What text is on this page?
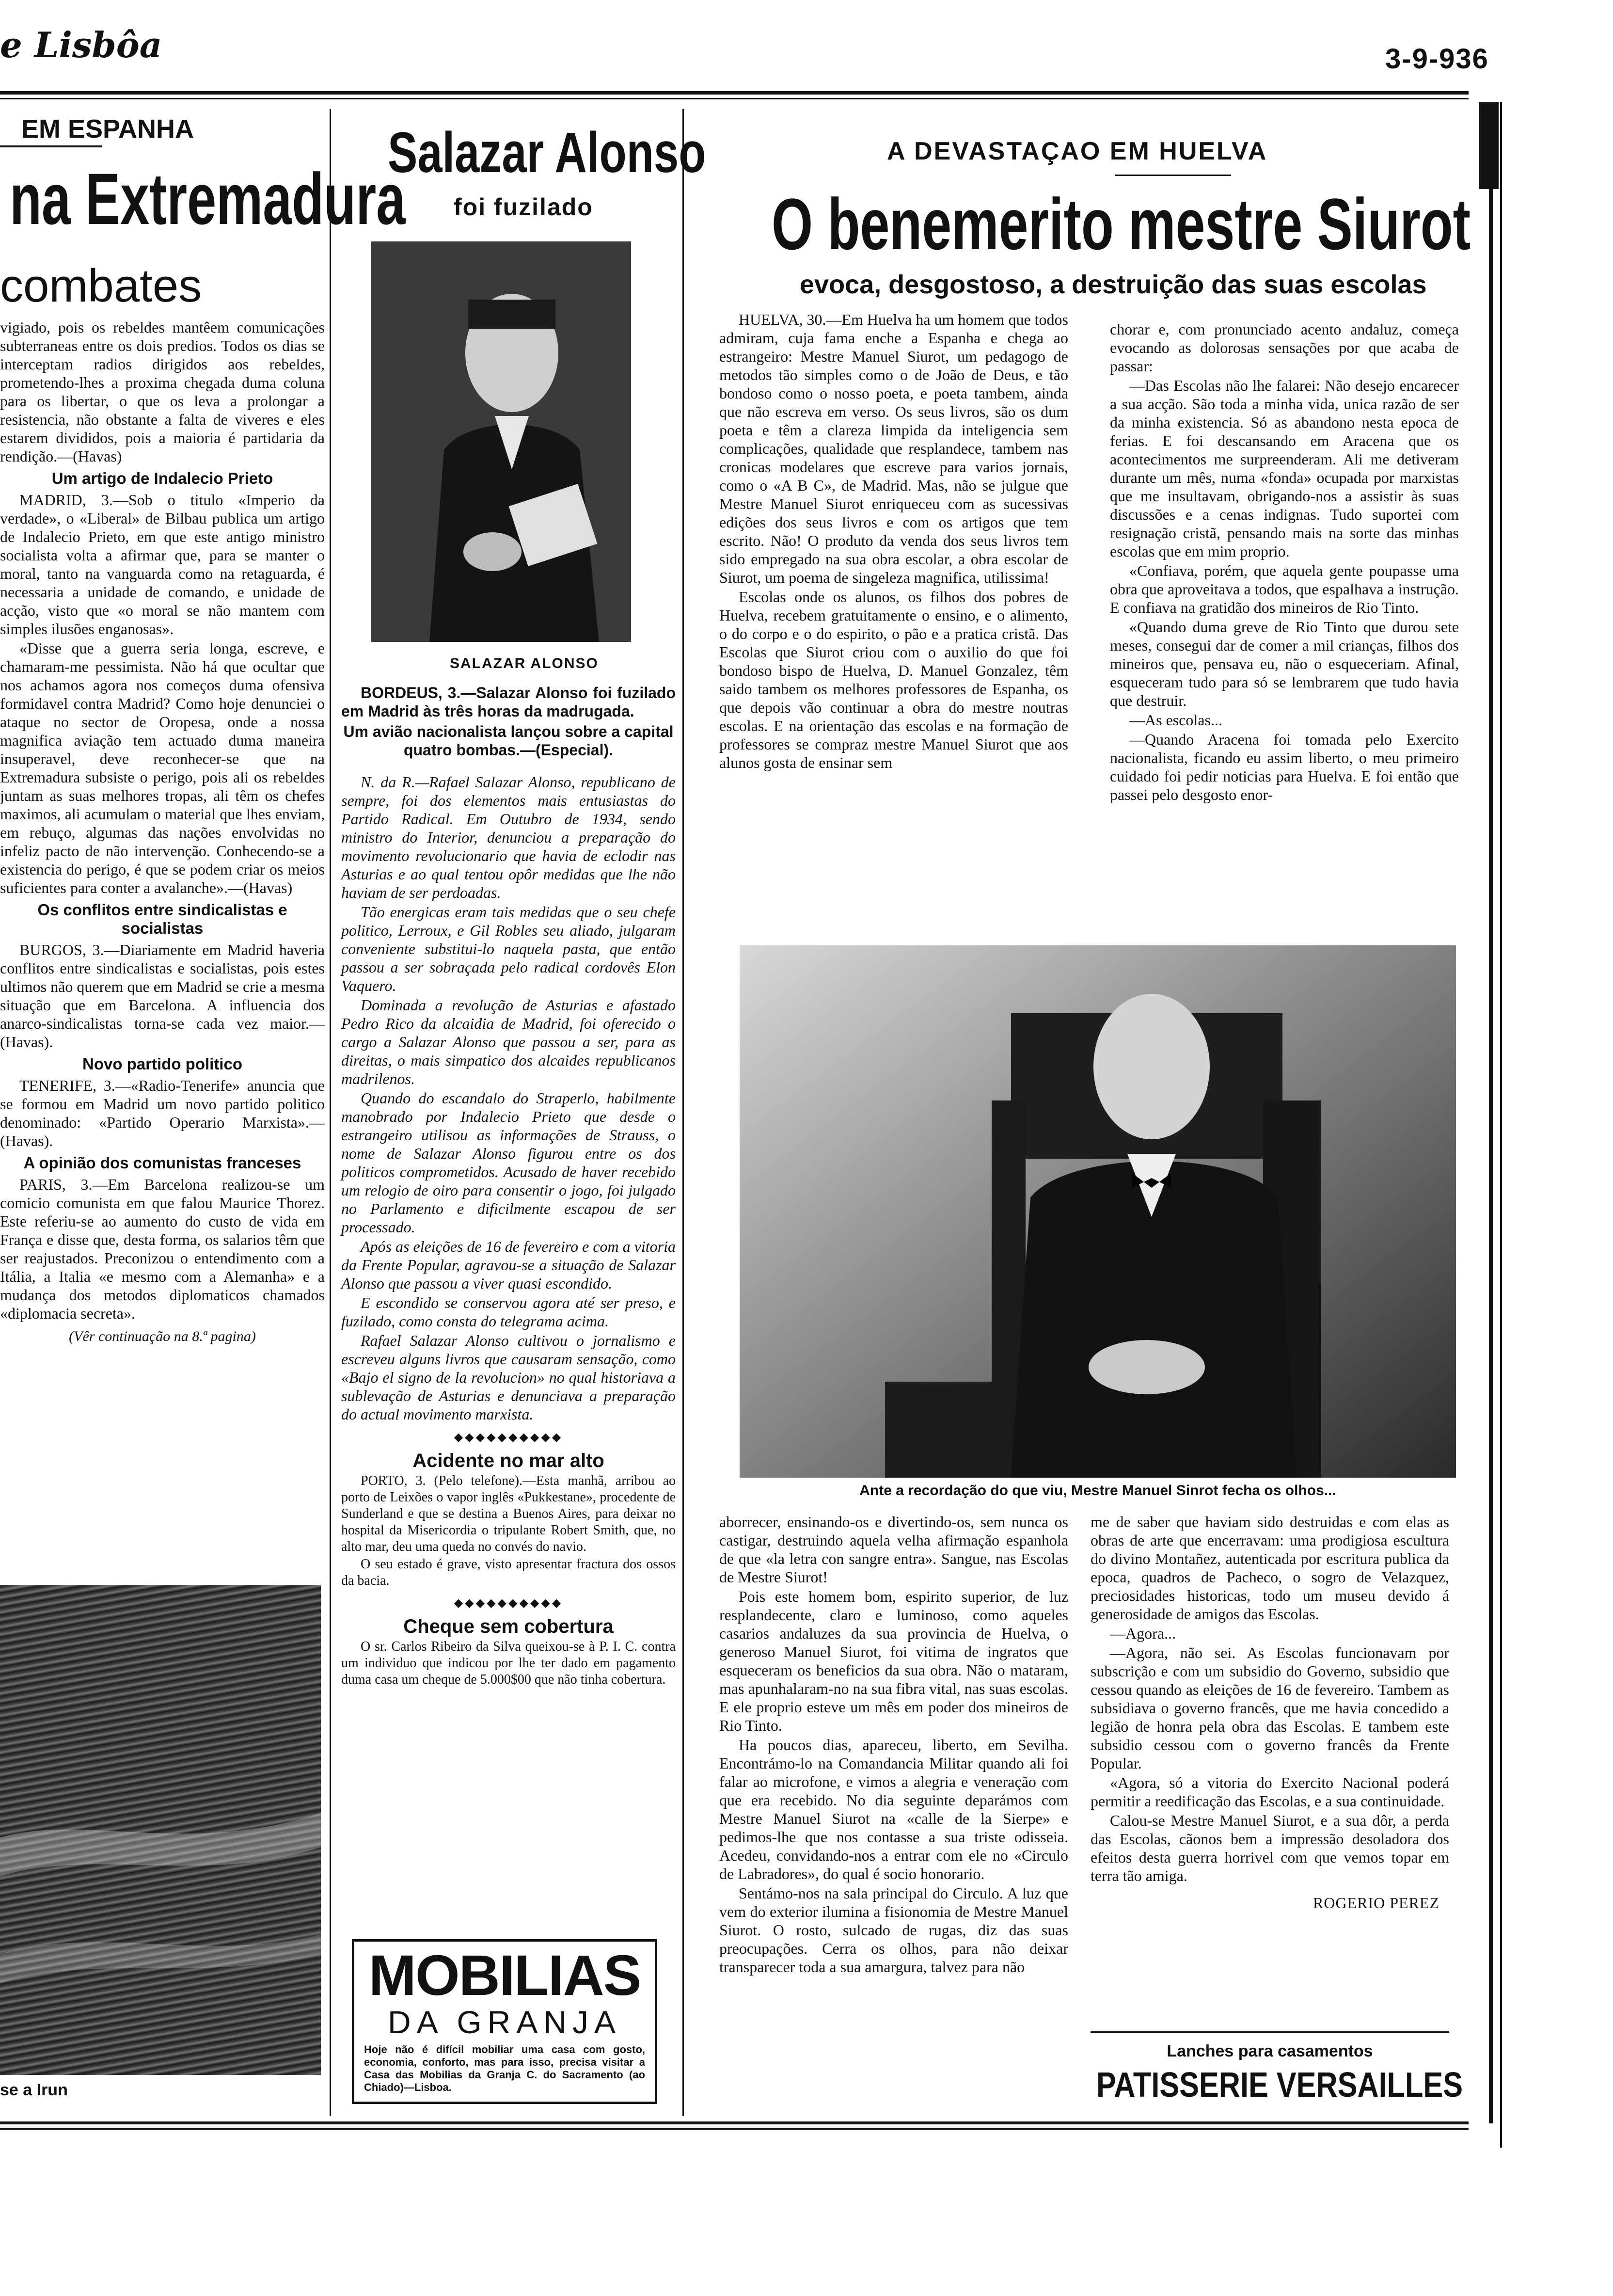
e Lisbôa	3-9-936
EM ESPANHA
na Extremadura
combates

vigiado, pois os rebeldes mantêem comunicações subterraneas entre os dois predios. Todos os dias se interceptam radios dirigidos aos rebeldes, prometendo-lhes a proxima chegada duma coluna para os libertar, o que os leva a prolongar a resistencia, não obstante a falta de viveres e eles estarem divididos, pois a maioria é partidaria da rendição.—(Havas)

Um artigo de Indalecio Prieto

MADRID, 3.—Sob o titulo «Imperio da verdade», o «Liberal» de Bilbau publica um artigo de Indalecio Prieto, em que este antigo ministro socialista volta a afirmar que, para se manter o moral, tanto na vanguarda como na retaguarda, é necessaria a unidade de comando, e unidade de acção, visto que «o moral se não mantem com simples ilusões enganosas».

«Disse que a guerra seria longa, escreve, e chamaram-me pessimista. Não há que ocultar que nos achamos agora nos começos duma ofensiva formidavel contra Madrid? Como hoje denunciei o ataque no sector de Oropesa, onde a nossa magnifica aviação tem actuado duma maneira insuperavel, deve reconhecer-se que na Extremadura subsiste o perigo, pois ali os rebeldes juntam as suas melhores tropas, ali têm os chefes maximos, ali acumulam o material que lhes enviam, em rebuço, algumas das nações envolvidas no infeliz pacto de não intervenção. Conhecendo-se a existencia do perigo, é que se podem criar os meios suficientes para conter a avalanche».—(Havas)

Os conflitos entre sindicalistas e socialistas

BURGOS, 3.—Diariamente em Madrid haveria conflitos entre sindicalistas e socialistas, pois estes ultimos não querem que em Madrid se crie a mesma situação que em Barcelona. A influencia dos anarco-sindicalistas torna-se cada vez maior.—(Havas).

Novo partido politico

TENERIFE, 3.—«Radio-Tenerife» anuncia que se formou em Madrid um novo partido politico denominado: «Partido Operario Marxista».—(Havas).

A opinião dos comunistas franceses

PARIS, 3.—Em Barcelona realizou-se um comicio comunista em que falou Maurice Thorez. Este referiu-se ao aumento do custo de vida em França e disse que, desta forma, os salarios têm que ser reajustados. Preconizou o entendimento com a Itália, a Italia «e mesmo com a Alemanha» e a mudança dos metodos diplomaticos chamados «diplomacia secreta».

(Vêr continuação na 8.ª pagina)
se a Irun
Salazar Alonso
foi fuzilado
SALAZAR ALONSO

BORDEUS, 3.—Salazar Alonso foi fuzilado em Madrid às três horas da madrugada.

Um avião nacionalista lançou sobre a capital quatro bombas.—(Especial).

N. da R.—Rafael Salazar Alonso, republicano de sempre, foi dos elementos mais entusiastas do Partido Radical. Em Outubro de 1934, sendo ministro do Interior, denunciou a preparação do movimento revolucionario que havia de eclodir nas Asturias e ao qual tentou opôr medidas que lhe não haviam de ser perdoadas.

Tão energicas eram tais medidas que o seu chefe politico, Lerroux, e Gil Robles seu aliado, julgaram conveniente substitui-lo naquela pasta, que então passou a ser sobraçada pelo radical cordovês Elon Vaquero.

Dominada a revolução de Asturias e afastado Pedro Rico da alcaidia de Madrid, foi oferecido o cargo a Salazar Alonso que passou a ser, para as direitas, o mais simpatico dos alcaides republicanos madrilenos.

Quando do escandalo do Straperlo, habilmente manobrado por Indalecio Prieto que desde o estrangeiro utilisou as informações de Strauss, o nome de Salazar Alonso figurou entre os dos politicos comprometidos. Acusado de haver recebido um relogio de oiro para consentir o jogo, foi julgado no Parlamento e dificilmente escapou de ser processado.

Após as eleições de 16 de fevereiro e com a vitoria da Frente Popular, agravou-se a situação de Salazar Alonso que passou a viver quasi escondido.

E escondido se conservou agora até ser preso, e fuzilado, como consta do telegrama acima.

Rafael Salazar Alonso cultivou o jornalismo e escreveu alguns livros que causaram sensação, como «Bajo el signo de la revolucion» no qual historiava a sublevação de Asturias e denunciava a preparação do actual movimento marxista.

◆◆◆◆◆◆◆◆◆◆
Acidente no mar alto

PORTO, 3. (Pelo telefone).—Esta manhã, arribou ao porto de Leixões o vapor inglês «Pukkestane», procedente de Sunderland e que se destina a Buenos Aires, para deixar no hospital da Misericordia o tripulante Robert Smith, que, no alto mar, deu uma queda no convés do navio.

O seu estado é grave, visto apresentar fractura dos ossos da bacia.

◆◆◆◆◆◆◆◆◆◆
Cheque sem cobertura

O sr. Carlos Ribeiro da Silva queixou-se à P. I. C. contra um individuo que indicou por lhe ter dado em pagamento duma casa um cheque de 5.000$00 que não tinha cobertura.

MOBILIAS
DA GRANJA
Hoje não é difícil mobiliar uma casa com gosto, economia, conforto, mas para isso, precisa visitar a Casa das Mobilias da Granja C. do Sacramento (ao Chiado)—Lisboa.
A DEVASTAÇAO EM HUELVA
O benemerito mestre Siurot
evoca, desgostoso, a destruição das suas escolas

HUELVA, 30.—Em Huelva ha um homem que todos admiram, cuja fama enche a Espanha e chega ao estrangeiro: Mestre Manuel Siurot, um pedagogo de metodos tão simples como o de João de Deus, e tão bondoso como o nosso poeta, e poeta tambem, ainda que não escreva em verso. Os seus livros, são os dum poeta e têm a clareza limpida da inteligencia sem complicações, qualidade que resplandece, tambem nas cronicas modelares que escreve para varios jornais, como o «A B C», de Madrid. Mas, não se julgue que Mestre Manuel Siurot enriqueceu com as sucessivas edições dos seus livros e com os artigos que tem escrito. Não! O produto da venda dos seus livros tem sido empregado na sua obra escolar, a obra escolar de Siurot, um poema de singeleza magnifica, utilissima!

Escolas onde os alunos, os filhos dos pobres de Huelva, recebem gratuitamente o ensino, e o alimento, o do corpo e o do espirito, o pão e a pratica cristã. Das Escolas que Siurot criou com o auxilio do que foi bondoso bispo de Huelva, D. Manuel Gonzalez, têm saido tambem os melhores professores de Espanha, os que depois vão continuar a obra do mestre noutras escolas. E na orientação das escolas e na formação de professores se compraz mestre Manuel Siurot que aos alunos gosta de ensinar sem

chorar e, com pronunciado acento andaluz, começa evocando as dolorosas sensações por que acaba de passar:

—Das Escolas não lhe falarei: Não desejo encarecer a sua acção. São toda a minha vida, unica razão de ser da minha existencia. Só as abandono nesta epoca de ferias. E foi descansando em Aracena que os acontecimentos me surpreenderam. Ali me detiveram durante um mês, numa «fonda» ocupada por marxistas que me insultavam, obrigando-nos a assistir às suas discussões e a cenas indignas. Tudo suportei com resignação cristã, pensando mais na sorte das minhas escolas que em mim proprio.

«Confiava, porém, que aquela gente poupasse uma obra que aproveitava a todos, que espalhava a instrução. E confiava na gratidão dos mineiros de Rio Tinto.

«Quando duma greve de Rio Tinto que durou sete meses, consegui dar de comer a mil crianças, filhos dos mineiros que, pensava eu, não o esqueceriam. Afinal, esqueceram tudo para só se lembrarem que tudo havia que destruir.

—As escolas...

—Quando Aracena foi tomada pelo Exercito nacionalista, ficando eu assim liberto, o meu primeiro cuidado foi pedir noticias para Huelva. E foi então que passei pelo desgosto enor-

Ante a recordação do que viu, Mestre Manuel Sinrot fecha os olhos...

aborrecer, ensinando-os e divertindo-os, sem nunca os castigar, destruindo aquela velha afirmação espanhola de que «la letra con sangre entra». Sangue, nas Escolas de Mestre Siurot!

Pois este homem bom, espirito superior, de luz resplandecente, claro e luminoso, como aqueles casarios andaluzes da sua provincia de Huelva, o generoso Manuel Siurot, foi vitima de ingratos que esqueceram os beneficios da sua obra. Não o mataram, mas apunhalaram-no na sua fibra vital, nas suas escolas. E ele proprio esteve um mês em poder dos mineiros de Rio Tinto.

Ha poucos dias, apareceu, liberto, em Sevilha. Encontrámo-lo na Comandancia Militar quando ali foi falar ao microfone, e vimos a alegria e veneração com que era recebido. No dia seguinte deparámos com Mestre Manuel Siurot na «calle de la Sierpe» e pedimos-lhe que nos contasse a sua triste odisseia. Acedeu, convidando-nos a entrar com ele no «Circulo de Labradores», do qual é socio honorario.

Sentámo-nos na sala principal do Circulo. A luz que vem do exterior ilumina a fisionomia de Mestre Manuel Siurot. O rosto, sulcado de rugas, diz das suas preocupações. Cerra os olhos, para não deixar transparecer toda a sua amargura, talvez para não

me de saber que haviam sido destruidas e com elas as obras de arte que encerravam: uma prodigiosa escultura do divino Montañez, autenticada por escritura publica da epoca, quadros de Pacheco, o sogro de Velazquez, preciosidades historicas, todo um museu devido á generosidade de amigos das Escolas.

—Agora...

—Agora, não sei. As Escolas funcionavam por subscrição e com um subsidio do Governo, subsidio que cessou quando as eleições de 16 de fevereiro. Tambem as subsidiava o governo francês, que me havia concedido a legião de honra pela obra das Escolas. E tambem este subsidio cessou com o governo francês da Frente Popular.

«Agora, só a vitoria do Exercito Nacional poderá permitir a reedificação das Escolas, e a sua continuidade.

Calou-se Mestre Manuel Siurot, e a sua dôr, a perda das Escolas, cãonos bem a impressão desoladora dos efeitos desta guerra horrivel com que vemos topar em terra tão amiga.

ROGERIO PEREZ
Lanches para casamentos
PATISSERIE VERSAILLES
